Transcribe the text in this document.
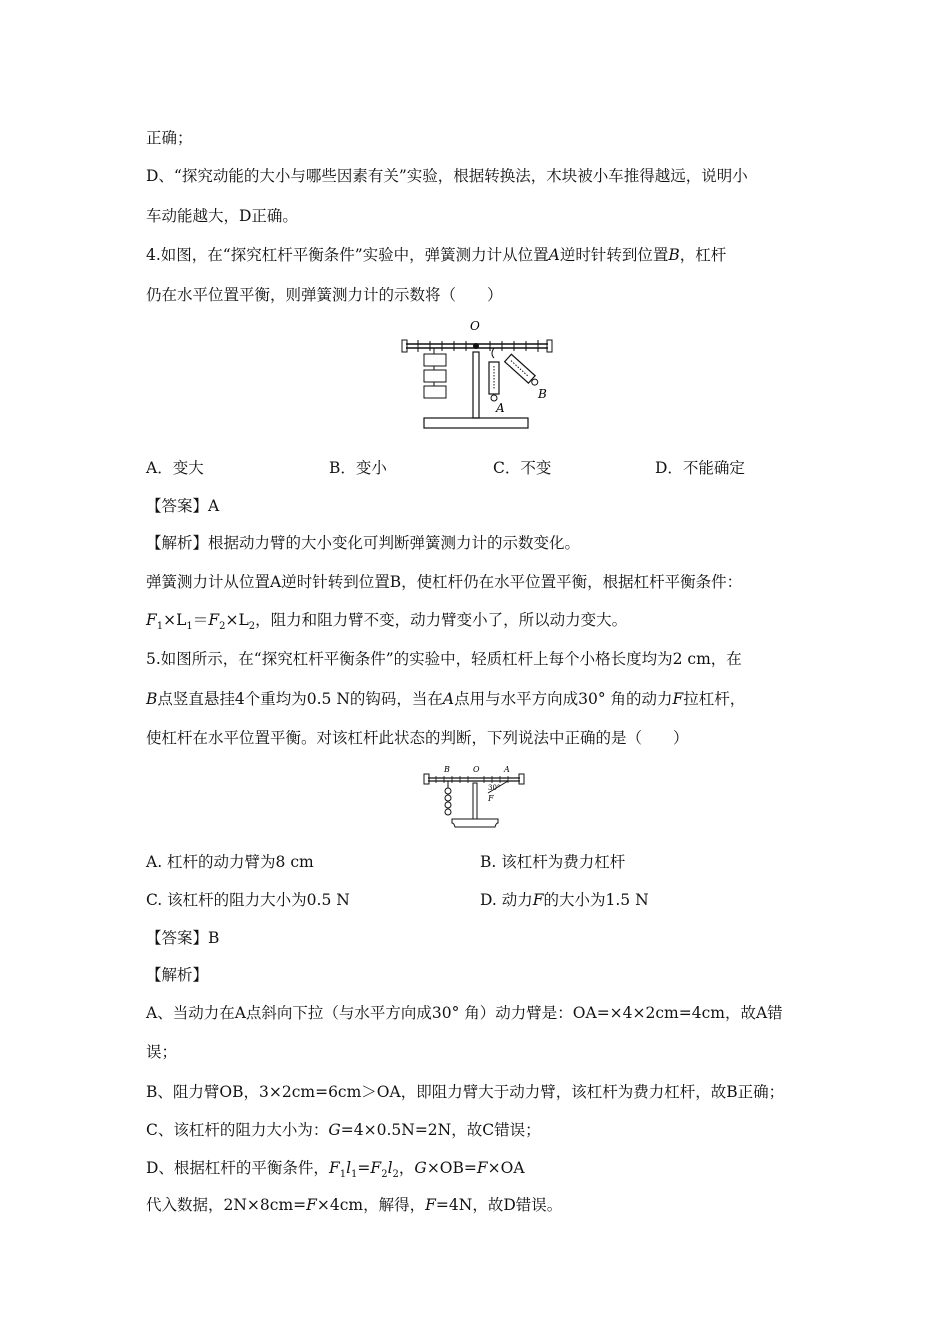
正确；
D、“探究动能的大小与哪些因素有关”实验，根据转换法，木块被小车推得越远，说明小
车动能越大，D正确。
4.如图，在“探究杠杆平衡条件”实验中，弹簧测力计从位置A逆时针转到位置B，杠杆
仍在水平位置平衡，则弹簧测力计的示数将（　　）
O
A
B
A．变大	B．变小	C．不变	D．不能确定
【答案】A
【解析】根据动力臂的大小变化可判断弹簧测力计的示数变化。
弹簧测力计从位置A逆时针转到位置B，使杠杆仍在水平位置平衡，根据杠杆平衡条件：
$F_1\times L_1=F_2\times L_2$，阻力和阻力臂不变，动力臂变小了，所以动力变大。
5.如图所示，在“探究杠杆平衡条件”的实验中，轻质杠杆上每个小格长度均为2 cm，在
B点竖直悬挂4个重均为0.5 N的钩码，当在A点用与水平方向成30° 角的动力F拉杠杆，
使杠杆在水平位置平衡。对该杠杆此状态的判断，下列说法中正确的是（　　）
B	O	A
30°
F
A. 杠杆的动力臂为8 cm	B. 该杠杆为费力杠杆
C. 该杠杆的阻力大小为0.5 N	D. 动力F的大小为1.5 N
【答案】B
【解析】
A、当动力在A点斜向下拉（与水平方向成30° 角）动力臂是：OA=×4×2cm=4cm，故A错
误；
B、阻力臂OB，3×2cm=6cm＞OA，即阻力臂大于动力臂，该杠杆为费力杠杆，故B正确；
C、该杠杆的阻力大小为：G=4×0.5N=2N，故C错误；
D、根据杠杆的平衡条件，$F_1l_1=F_2l_2$，G×OB=F×OA
代入数据，2N×8cm=F×4cm，解得，F=4N，故D错误。
